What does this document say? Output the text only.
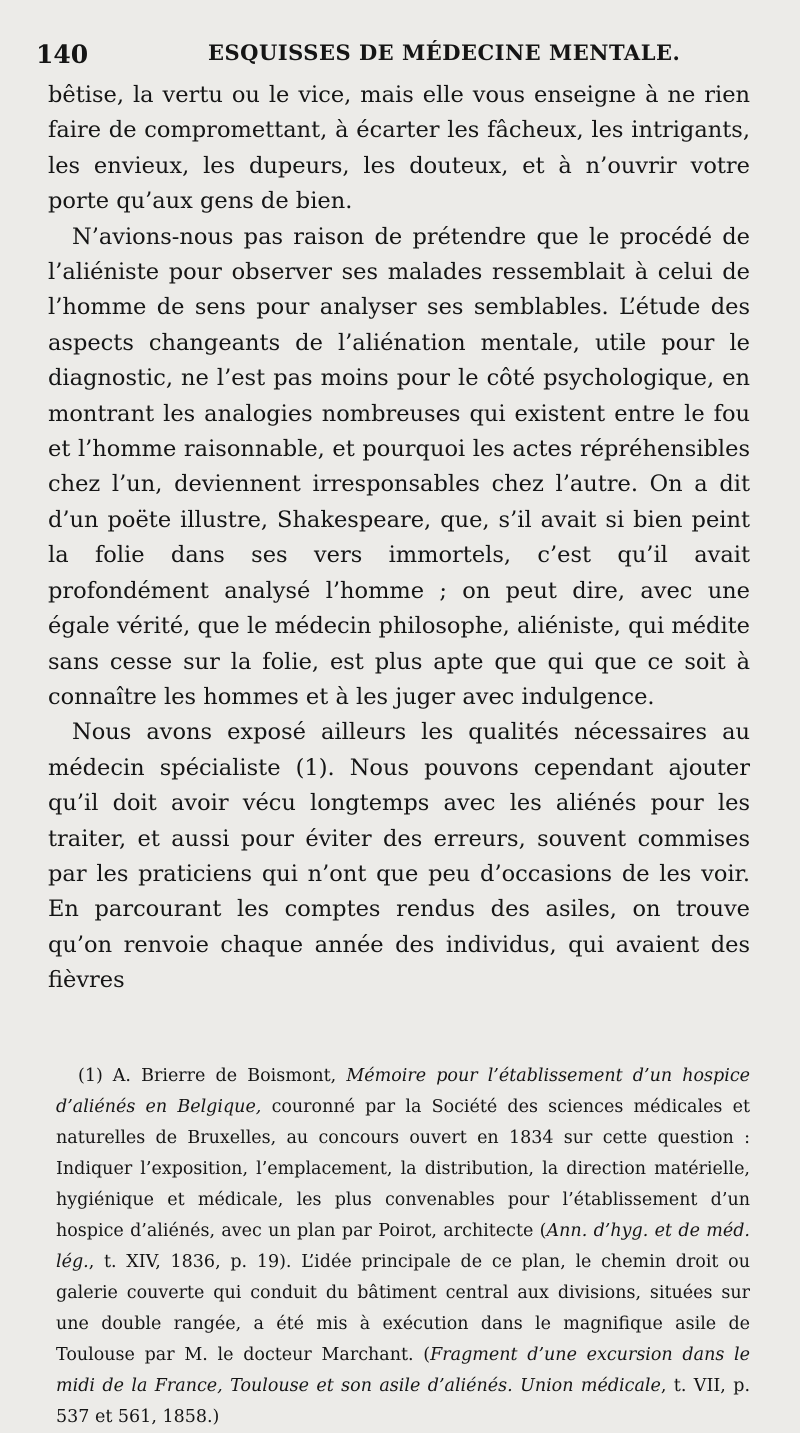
140	ESQUISSES DE MÉDECINE MENTALE.

bêtise, la vertu ou le vice, mais elle vous enseigne à ne rien faire de compromettant, à écarter les fâcheux, les intrigants, les envieux, les dupeurs, les douteux, et à n’ouvrir votre porte qu’aux gens de bien.

N’avions-nous pas raison de prétendre que le procédé de l’aliéniste pour observer ses malades ressemblait à celui de l’homme de sens pour analyser ses semblables. L’étude des aspects changeants de l’aliénation mentale, utile pour le diagnostic, ne l’est pas moins pour le côté psychologique, en montrant les analogies nombreuses qui existent entre le fou et l’homme raisonnable, et pourquoi les actes répréhensibles chez l’un, deviennent irresponsables chez l’autre. On a dit d’un poëte illustre, Shakespeare, que, s’il avait si bien peint la folie dans ses vers immortels, c’est qu’il avait profondément analysé l’homme ; on peut dire, avec une égale vérité, que le médecin philosophe, aliéniste, qui médite sans cesse sur la folie, est plus apte que qui que ce soit à connaître les hommes et à les juger avec indulgence.

Nous avons exposé ailleurs les qualités nécessaires au médecin spécialiste (1). Nous pouvons cependant ajouter qu’il doit avoir vécu longtemps avec les aliénés pour les traiter, et aussi pour éviter des erreurs, souvent commises par les praticiens qui n’ont que peu d’occasions de les voir. En parcourant les comptes rendus des asiles, on trouve qu’on renvoie chaque année des individus, qui avaient des fièvres

(1) A. Brierre de Boismont, Mémoire pour l’établissement d’un hospice d’aliénés en Belgique, couronné par la Société des sciences médicales et naturelles de Bruxelles, au concours ouvert en 1834 sur cette question : Indiquer l’exposition, l’emplacement, la distribution, la direction matérielle, hygiénique et médicale, les plus convenables pour l’établissement d’un hospice d’aliénés, avec un plan par Poirot, architecte (Ann. d’hyg. et de méd. lég., t. XIV, 1836, p. 19). L’idée principale de ce plan, le chemin droit ou galerie couverte qui conduit du bâtiment central aux divisions, situées sur une double rangée, a été mis à exécution dans le magnifique asile de Toulouse par M. le docteur Marchant. (Fragment d’une excursion dans le midi de la France, Toulouse et son asile d’aliénés. Union médicale, t. VII, p. 537 et 561, 1858.)
